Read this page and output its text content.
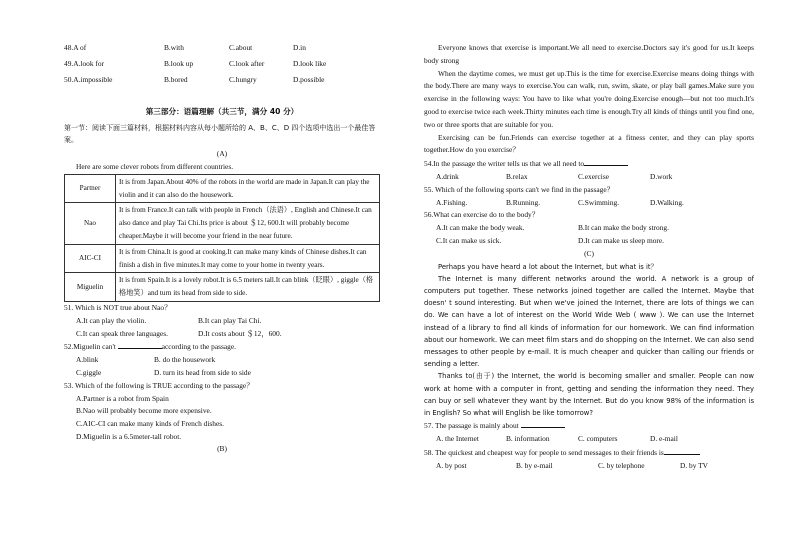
48.A of	B.with	C.about	D.in
49.A.look for	B.look up	C.look after	D.look like
50.A.impossible	B.bored	C.hungry	D.possible
第三部分：语篇理解（共三节，满分 40 分）
第一节：阅读下面三篇材料，根据材料内容从每小题所给的 A、B、C、D 四个选项中选出一个最佳答案。
(A)
Here are some clever robots from different countries.
Partner	It is from Japan.About 40% of the robots in the world are made in Japan.It can play the violin and it can also do the housework.
Nao	It is from France.It can talk with people in French（法语）, English and Chinese.It can also dance and play Tai Chi.Its price is about ＄12, 600.It will probably become cheaper.Maybe it will become your friend in the near future.
AIC-CI	It is from China.It is good at cooking.It can make many kinds of Chinese dishes.It can finish a dish in five minutes.It may come to your home in twenty years.
Miguelin	It is from Spain.It is a lovely robot.It is 6.5 meters tall.It can blink（眨眼）, giggle（格格地笑）and turn its head from side to side.
51. Which is NOT true about Nao？
A.It can play the violin.	B.It can play Tai Chi.
C.It can speak three languages.	D.It costs about ＄12，600.
52.Miguelin can't	according to the passage.
A.blink	B. do the housework
C.giggle	D. turn its head from side to side
53. Which of the following is TRUE according to the passage？
A.Partner is a robot from Spain
B.Nao will probably become more expensive.
C.AIC-CI can make many kinds of French dishes.
D.Miguelin is a 6.5meter-tall robot.
(B)
Everyone knows that exercise is important.We all need to exercise.Doctors say it's good for us.It keeps body strong
When the daytime comes, we must get up.This is the time for exercise.Exercise means doing things with the body.There are many ways to exercise.You can walk, run, swim, skate, or play ball games.Make sure you exercise in the following ways: You have to like what you're doing.Exercise enough—but not too much.It's good to exercise twice each week.Thirty minutes each time is enough.Try all kinds of things until you find one, two or three sports that are suitable for you.
Exercising can be fun.Friends can exercise together at a fitness center, and they can play sports together.How do you exercise？
54.In the passage the writer tells us that we all need to
A.drink	B.relax	C.exercise	D.work
55. Which of the following sports can't we find in the passage？
A.Fishing.	B.Running.	C.Swimming.	D.Walking.
56.What can exercise do to the body？
A.It can make the body weak.	B.It can make the body strong.
C.It can make us sick.	D.It can make us sleep more.
(C)
Perhaps you have heard a lot about the Internet, but what is it？
The Internet is many different networks around the world. A network is a group of computers put together. These networks joined together are called the Internet. Maybe that doesn' t sound interesting. But when we've joined the Internet, there are lots of things we can do. We can have a lot of interest on the World Wide Web ( www ). We can use the Internet instead of a library to find all kinds of information for our homework. We can find information about our homework. We can meet film stars and do shopping on the Internet. We can also send messages to other people by e-mail. It is much cheaper and quicker than calling our friends or sending a letter.
Thanks to(由于) the Internet, the world is becoming smaller and smaller. People can now work at home with a computer in front, getting and sending the information they need. They can buy or sell whatever they want by the Internet. But do you know 98% of the information is in English? So what will English be like tomorrow?
57. The passage is mainly about
A. the Internet	B. information	C. computers	D. e-mail
58. The quickest and cheapest way for people to send messages to their friends is
A. by post	B. by e-mail	C. by telephone	D. by TV
